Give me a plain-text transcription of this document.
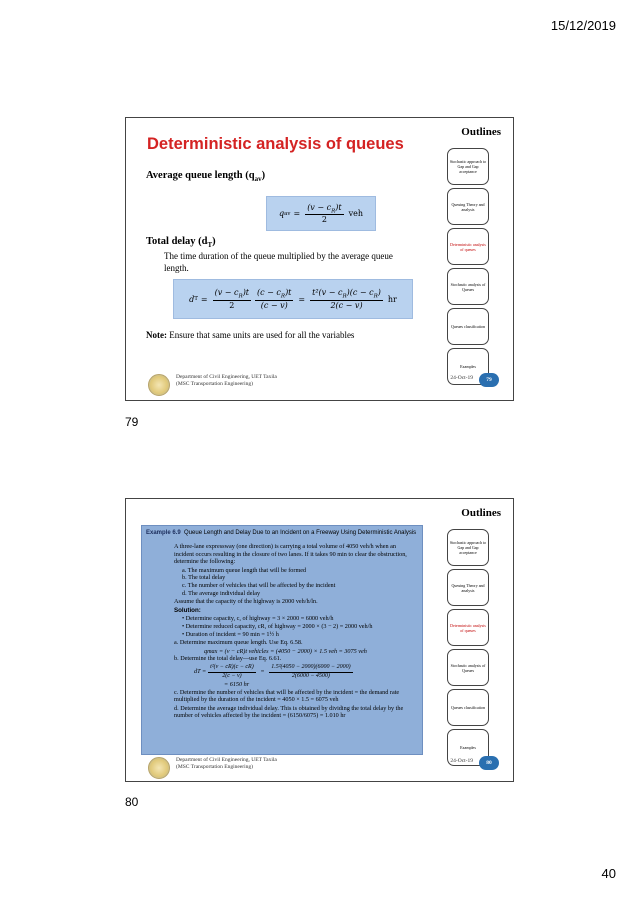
15/12/2019
Deterministic analysis of queues
Average queue length $(q_{av})$
q av = $\frac{(v - c_R)t}{2}$ veh
Total delay $(d_T)$
The time duration of the queue multiplied by the average queue length.
d $T = \frac{(v - c_R)t}{2} \frac{(c - c_R)t}{(c - v)} = \frac{t^2(v - c_R)(c - c_R)}{2(c - v)}$ hr
Note: Ensure that same units are used for all the variables
Outlines
Stochastic approach to Gap and Gap acceptance
Queuing Theory and analysis
Deterministic analysis of queues
Stochastic analysis of Queues
Queues classification
Examples
Department of Civil Engineering, UET Taxila
(MSC Transportation Engineering)
24-Oct-19	79
79
Example 6.9 Queue Length and Delay Due to an Incident on a Freeway Using Deterministic Analysis

A three-lane expressway (one direction) is carrying a total volume of 4050 veh/h when an incident occurs resulting in the closure of two lanes. If it takes 90 min to clear the obstruction, determine the following:

a. The maximum queue length that will be formed
b. The total delay
c. The number of vehicles that will be affected by the incident
d. The average individual delay

Assume that the capacity of the highway is 2000 veh/h/ln.

Solution:
• Determine capacity, c, of highway = 3 × 2000 = 6000 veh/h
• Determine reduced capacity, cR, of highway = 2000 × (3 − 2) = 2000 veh/h
• Duration of incident = 90 min = 1½ h

a. Determine maximum queue length. Use Eq. 6.58.

qmax = (v − cR)t vehicles = (4050 − 2000) × 1.5 veh = 3075 veh

b. Determine the total delay—use Eq. 6.61.

dT = $\frac{\text{t²(v − cR)(c − cR)}}{2(c - v)} = \frac{\text{1.5²(4050 − 2000)(6000 − 2000)}}{2(6000 - 4500)}$
= 6150 hr

c. Determine the number of vehicles that will be affected by the incident = the demand rate multiplied by the duration of the incident = 4050 × 1.5 = 6075 veh

d. Determine the average individual delay. This is obtained by dividing the total delay by the number of vehicles affected by the incident = (6150/6075) = 1.010 hr

Outlines
Stochastic approach to Gap and Gap acceptance
Queuing Theory and analysis
Deterministic analysis of queues
Stochastic analysis of Queues
Queues classification
Examples
Department of Civil Engineering, UET Taxila
(MSC Transportation Engineering)
24-Oct-19	80
80
40
